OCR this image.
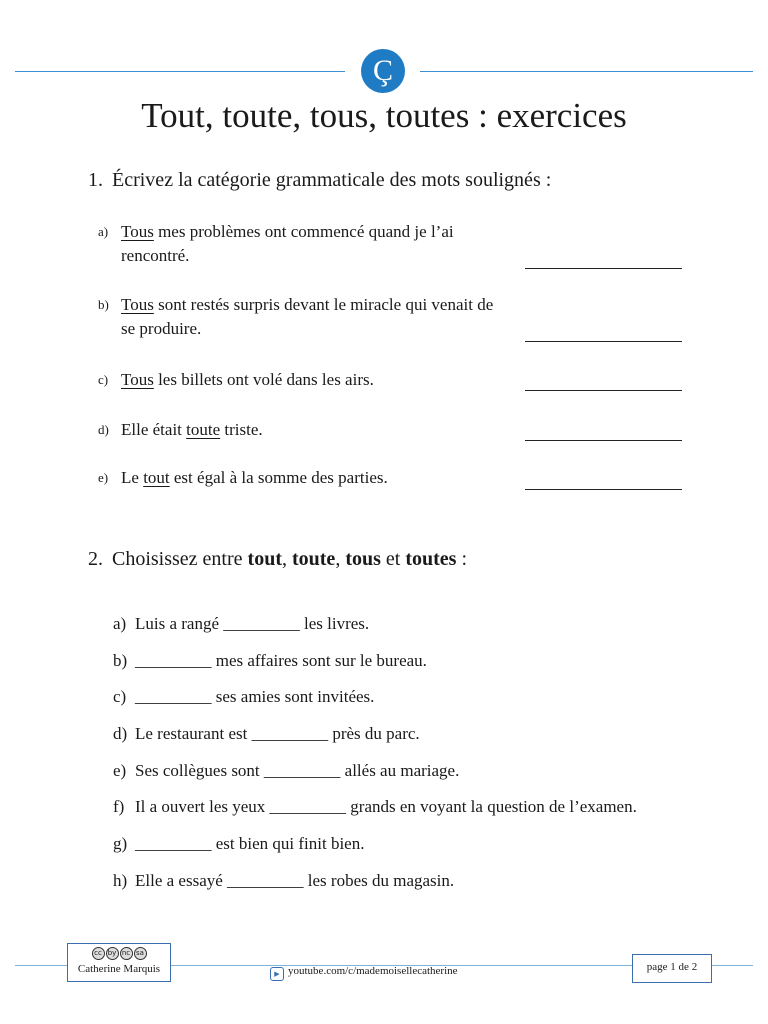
Ç
Tout, toute, tous, toutes : exercices
1. Écrivez la catégorie grammaticale des mots soulignés :
a) Tous mes problèmes ont commencé quand je l’ai rencontré.
b) Tous sont restés surpris devant le miracle qui venait de se produire.
c) Tous les billets ont volé dans les airs.
d) Elle était toute triste.
e) Le tout est égal à la somme des parties.
2. Choisissez entre tout, toute, tous et toutes :
a) Luis a rangé _________ les livres.
b) _________ mes affaires sont sur le bureau.
c) _________ ses amies sont invitées.
d) Le restaurant est _________ près du parc.
e) Ses collègues sont _________ allés au mariage.
f) Il a ouvert les yeux _________ grands en voyant la question de l’examen.
g) _________ est bien qui finit bien.
h) Elle a essayé _________ les robes du magasin.
cc by nc sa
Catherine Marquis	▶ youtube.com/c/mademoisellecatherine	page 1 de 2
